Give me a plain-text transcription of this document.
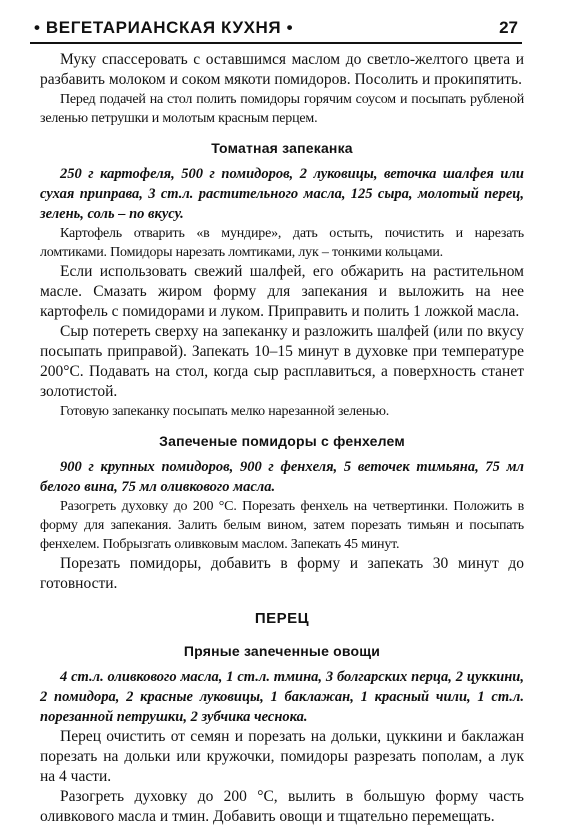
• ВЕГЕТАРИАНСКАЯ КУХНЯ •	27

Муку спассеровать с оставшимся маслом до светло-желтого цвета и разбавить молоком и соком мякоти помидоров. Посолить и прокипятить.

Перед подачей на стол полить помидоры горячим соусом и посыпать рубленой зеленью петрушки и молотым красным перцем.

Томатная запеканка

250 г картофеля, 500 г помидоров, 2 луковицы, веточка шалфея или сухая приправа, 3 ст.л. растительного масла, 125 сыра, молотый перец, зелень, соль – по вкусу.

Картофель отварить «в мундире», дать остыть, почистить и нарезать ломтиками. Помидоры нарезать ломтиками, лук – тонкими кольцами.

Если использовать свежий шалфей, его обжарить на растительном масле. Смазать жиром форму для запекания и выложить на нее картофель с помидорами и луком. Приправить и полить 1 ложкой масла.

Сыр потереть сверху на запеканку и разложить шалфей (или по вкусу посыпать приправой). Запекать 10–15 минут в духовке при температуре 200°С. Подавать на стол, когда сыр расплавиться, а поверхность станет золотистой.

Готовую запеканку посыпать мелко нарезанной зеленью.

Запеченые помидоры с фенхелем

900 г крупных помидоров, 900 г фенхеля, 5 веточек тимьяна, 75 мл белого вина, 75 мл оливкового масла.

Разогреть духовку до 200 °С. Порезать фенхель на четвертинки. Положить в форму для запекания. Залить белым вином, затем порезать тимьян и посыпать фенхелем. Побрызгать оливковым маслом. Запекать 45 минут.

Порезать помидоры, добавить в форму и запекать 30 минут до готовности.

ПЕРЕЦ
Пряные заnеченные овощи

4 ст.л. оливкового масла, 1 ст.л. тмина, 3 болгарских перца, 2 цуккини, 2 помидора, 2 красные луковицы, 1 баклажан, 1 красный чили, 1 ст.л. порезанной петрушки, 2 зубчика чеснока.

Перец очистить от семян и порезать на дольки, цуккини и баклажан порезать на дольки или кружочки, помидоры разрезать пополам, а лук на 4 части.

Разогреть духовку до 200 °С, вылить в большую форму часть оливкового масла и тмин. Добавить овощи и тщательно перемещать.
